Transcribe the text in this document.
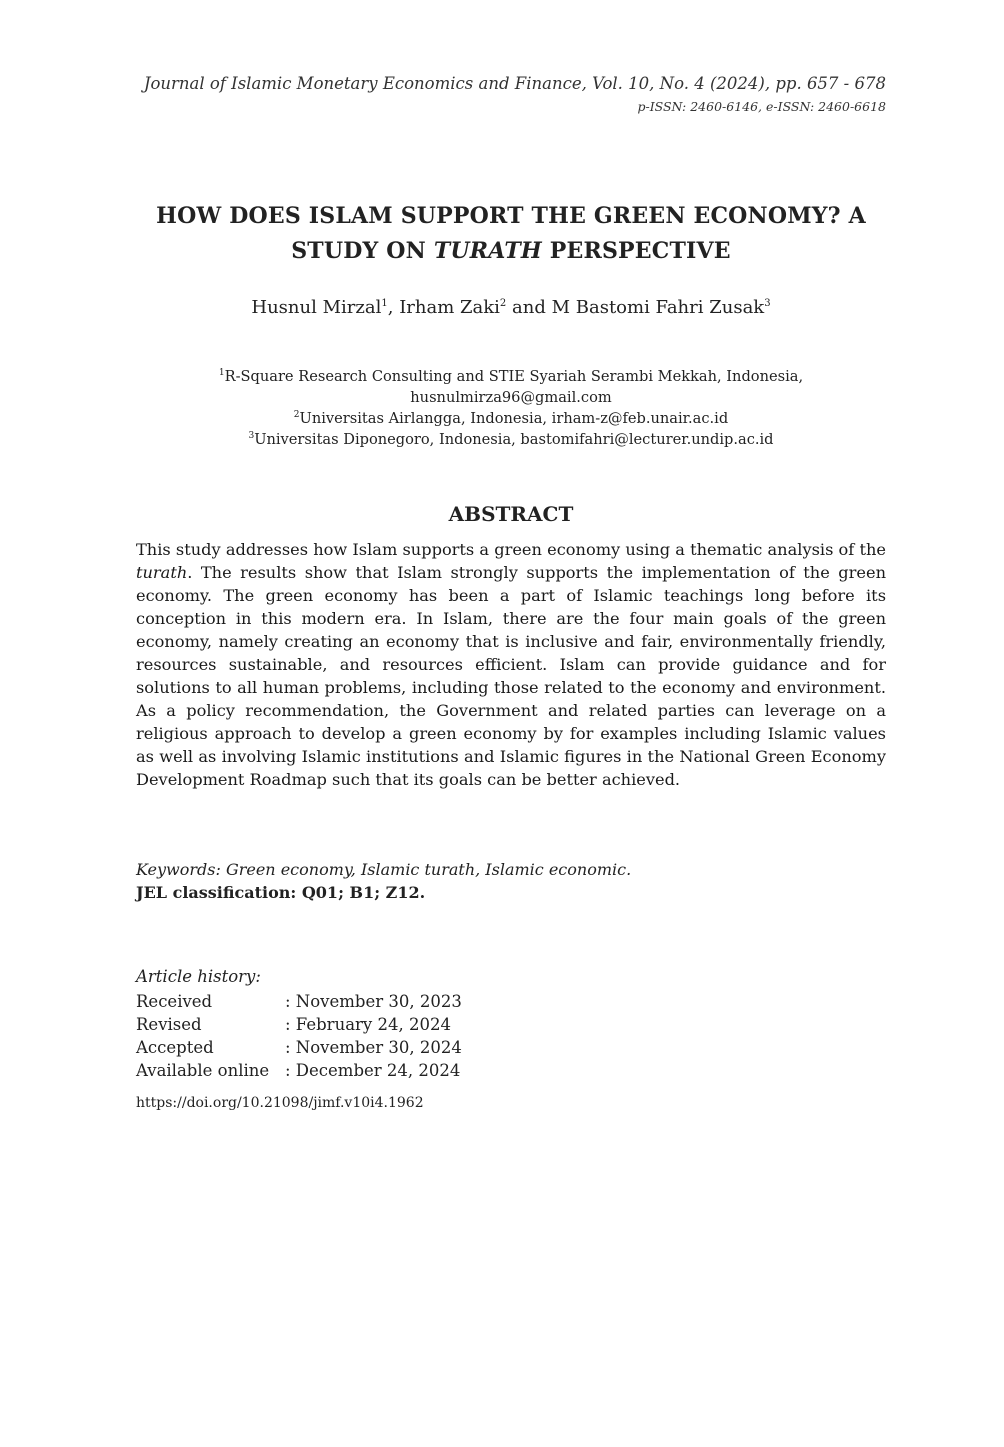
Journal of Islamic Monetary Economics and Finance, Vol. 10, No. 4 (2024), pp. 657 - 678
p-ISSN: 2460-6146, e-ISSN: 2460-6618
HOW DOES ISLAM SUPPORT THE GREEN ECONOMY? A
STUDY ON TURATH PERSPECTIVE
Husnul Mirzal$^1$, Irham Zaki$^2$ and M Bastomi Fahri Zusak$^3$
$^1$R-Square Research Consulting and STIE Syariah Serambi Mekkah, Indonesia,
husnulmirza96@gmail.com
$^2$Universitas Airlangga, Indonesia, irham-z@feb.unair.ac.id
$^3$Universitas Diponegoro, Indonesia, bastomifahri@lecturer.undip.ac.id
ABSTRACT
This study addresses how Islam supports a green economy using a thematic analysis of the turath. The results show that Islam strongly supports the implementation of the green economy. The green economy has been a part of Islamic teachings long before its conception in this modern era. In Islam, there are the four main goals of the green economy, namely creating an economy that is inclusive and fair, environmentally friendly, resources sustainable, and resources efficient. Islam can provide guidance and for solutions to all human problems, including those related to the economy and environment. As a policy recommendation, the Government and related parties can leverage on a religious approach to develop a green economy by for examples including Islamic values as well as involving Islamic institutions and Islamic figures in the National Green Economy Development Roadmap such that its goals can be better achieved.
Keywords: Green economy, Islamic turath, Islamic economic.
JEL classification: Q01; B1; Z12.
Article history:
Received	: November 30, 2023
Revised	: February 24, 2024
Accepted	: November 30, 2024
Available online : December 24, 2024
https://doi.org/10.21098/jimf.v10i4.1962
